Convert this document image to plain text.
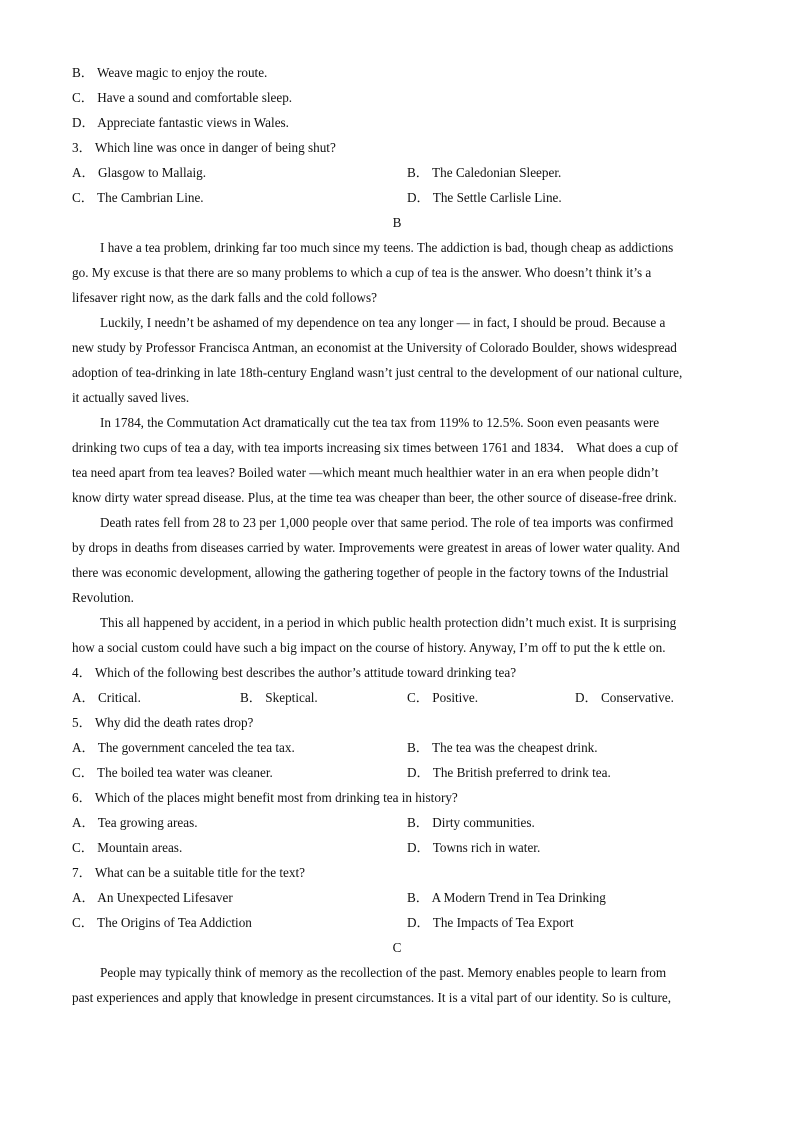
B． Weave magic to enjoy the route.
C． Have a sound and comfortable sleep.
D． Appreciate fantastic views in Wales.
3． Which line was once in danger of being shut?
A． Glasgow to Mallaig.	B． The Caledonian Sleeper.
C． The Cambrian Line.	D． The Settle Carlisle Line.
B
I have a tea problem, drinking far too much since my teens. The addiction is bad, though cheap as addictions
go. My excuse is that there are so many problems to which a cup of tea is the answer. Who doesn’t think it’s a
lifesaver right now, as the dark falls and the cold follows?
Luckily, I needn’t be ashamed of my dependence on tea any longer — in fact, I should be proud. Because a
new study by Professor Francisca Antman, an economist at the University of Colorado Boulder, shows widespread
adoption of tea-drinking in late 18th-century England wasn’t just central to the development of our national culture,
it actually saved lives.
In 1784, the Commutation Act dramatically cut the tea tax from 119% to 12.5%. Soon even peasants were
drinking two cups of tea a day, with tea imports increasing six times between 1761 and 1834． What does a cup of
tea need apart from tea leaves? Boiled water —which meant much healthier water in an era when people didn’t
know dirty water spread disease. Plus, at the time tea was cheaper than beer, the other source of disease-free drink.
Death rates fell from 28 to 23 per 1,000 people over that same period. The role of tea imports was confirmed
by drops in deaths from diseases carried by water. Improvements were greatest in areas of lower water quality. And
there was economic development, allowing the gathering together of people in the factory towns of the Industrial
Revolution.
This all happened by accident, in a period in which public health protection didn’t much exist. It is surprising
how a social custom could have such a big impact on the course of history. Anyway, I’m off to put the k ettle on.
4． Which of the following best describes the author’s attitude toward drinking tea?
A． Critical.	B． Skeptical.	C． Positive.	D． Conservative.
5． Why did the death rates drop?
A． The government canceled the tea tax.	B． The tea was the cheapest drink.
C． The boiled tea water was cleaner.	D． The British preferred to drink tea.
6． Which of the places might benefit most from drinking tea in history?
A． Tea growing areas.	B． Dirty communities.
C． Mountain areas.	D． Towns rich in water.
7． What can be a suitable title for the text?
A． An Unexpected Lifesaver	B． A Modern Trend in Tea Drinking
C． The Origins of Tea Addiction	D． The Impacts of Tea Export
C
People may typically think of memory as the recollection of the past. Memory enables people to learn from
past experiences and apply that knowledge in present circumstances. It is a vital part of our identity. So is culture,
